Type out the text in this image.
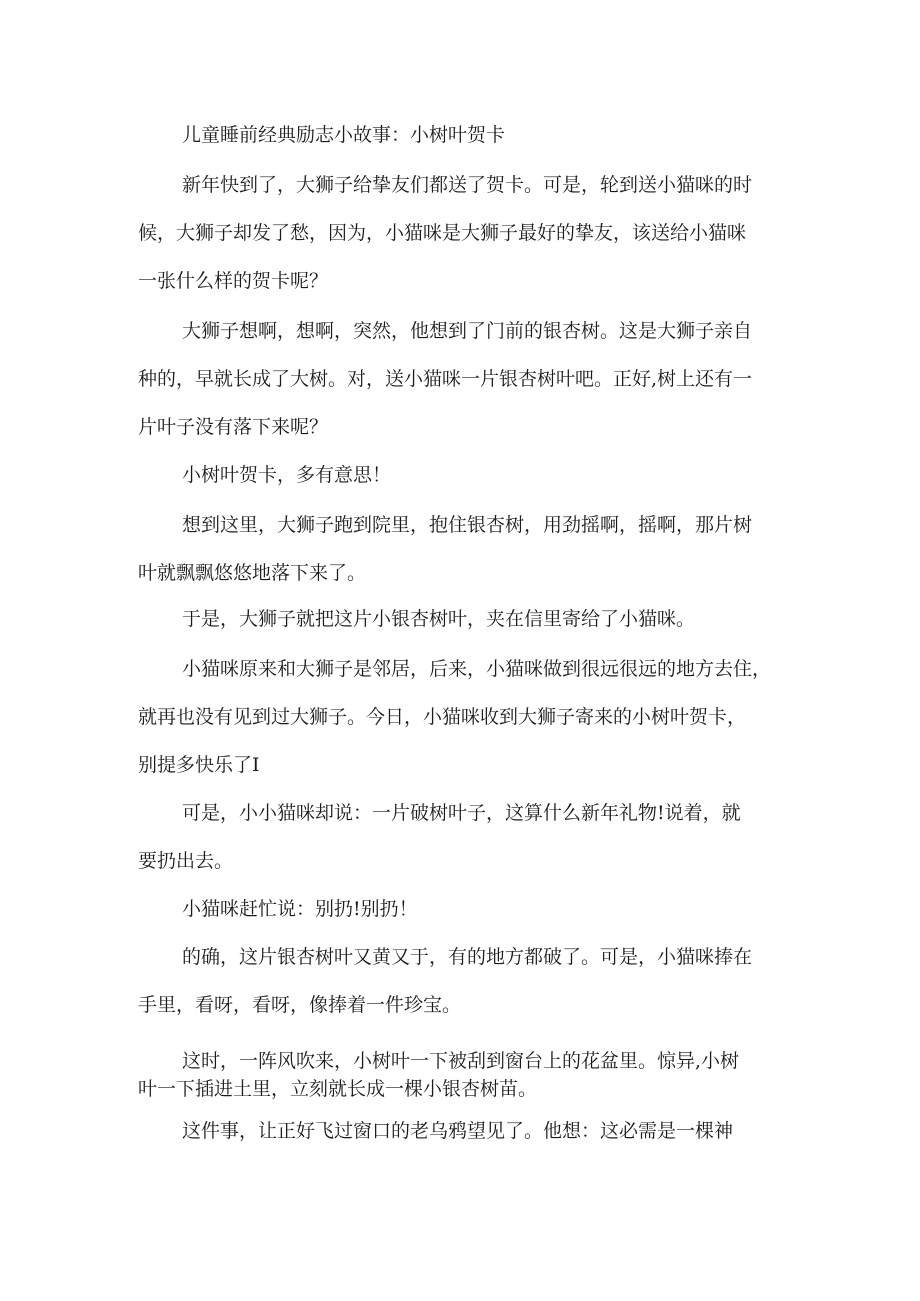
儿童睡前经典励志小故事：小树叶贺卡
新年快到了，大狮子给挚友们都送了贺卡。可是，轮到送小猫咪的时
候，大狮子却发了愁，因为，小猫咪是大狮子最好的挚友，该送给小猫咪
一张什么样的贺卡呢？
大狮子想啊，想啊，突然，他想到了门前的银杏树。这是大狮子亲自
种的，早就长成了大树。对，送小猫咪一片银杏树叶吧。正好,树上还有一
片叶子没有落下来呢？
小树叶贺卡，多有意思！
想到这里，大狮子跑到院里，抱住银杏树，用劲摇啊，摇啊，那片树
叶就飘飘悠悠地落下来了。
于是，大狮子就把这片小银杏树叶，夹在信里寄给了小猫咪。
小猫咪原来和大狮子是邻居，后来，小猫咪做到很远很远的地方去住，
就再也没有见到过大狮子。今日，小猫咪收到大狮子寄来的小树叶贺卡，
别提多快乐了I
可是，小小猫咪却说：一片破树叶子，这算什么新年礼物!说着，就
要扔出去。
小猫咪赶忙说：别扔!别扔！
的确，这片银杏树叶又黄又于，有的地方都破了。可是，小猫咪捧在
手里，看呀，看呀，像捧着一件珍宝。
这时，一阵风吹来，小树叶一下被刮到窗台上的花盆里。惊异,小树
叶一下插进土里，立刻就长成一棵小银杏树苗。
这件事，让正好飞过窗口的老乌鸦望见了。他想：这必需是一棵神
